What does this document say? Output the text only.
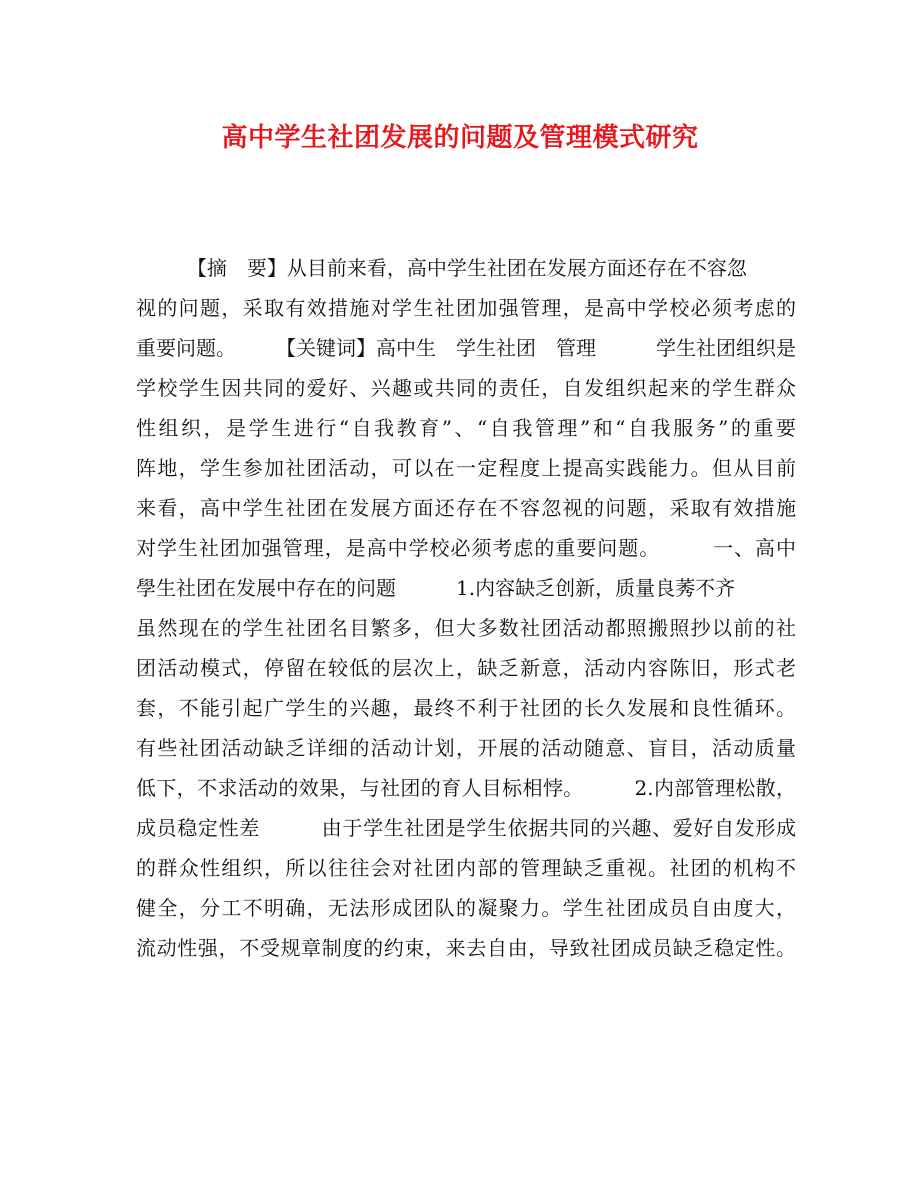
高中学生社团发展的问题及管理模式研究
【摘　要】从目前来看，高中学生社团在发展方面还存在不容忽
视的问题，采取有效措施对学生社团加强管理，是高中学校必须考虑的
重要问题。　　　【关键词】高中生　学生社团　管理　　　学生社团组织是
学校学生因共同的爱好、兴趣或共同的责任，自发组织起来的学生群众
性组织，是学生进行“自我教育”、“自我管理”和“自我服务”的重要
阵地，学生参加社团活动，可以在一定程度上提高实践能力。但从目前
来看，高中学生社团在发展方面还存在不容忽视的问题，采取有效措施
对学生社团加强管理，是高中学校必须考虑的重要问题。　　　一、高中
學生社团在发展中存在的问题　　　1.内容缺乏创新，质量良莠不齐
虽然现在的学生社团名目繁多，但大多数社团活动都照搬照抄以前的社
团活动模式，停留在较低的层次上，缺乏新意，活动内容陈旧，形式老
套，不能引起广学生的兴趣，最终不利于社团的长久发展和良性循环。
有些社团活动缺乏详细的活动计划，开展的活动随意、盲目，活动质量
低下，不求活动的效果，与社团的育人目标相悖。　　　2.内部管理松散，
成员稳定性差　　　由于学生社团是学生依据共同的兴趣、爱好自发形成
的群众性组织，所以往往会对社团内部的管理缺乏重视。社团的机构不
健全，分工不明确，无法形成团队的凝聚力。学生社团成员自由度大，
流动性强，不受规章制度的约束，来去自由，导致社团成员缺乏稳定性。
